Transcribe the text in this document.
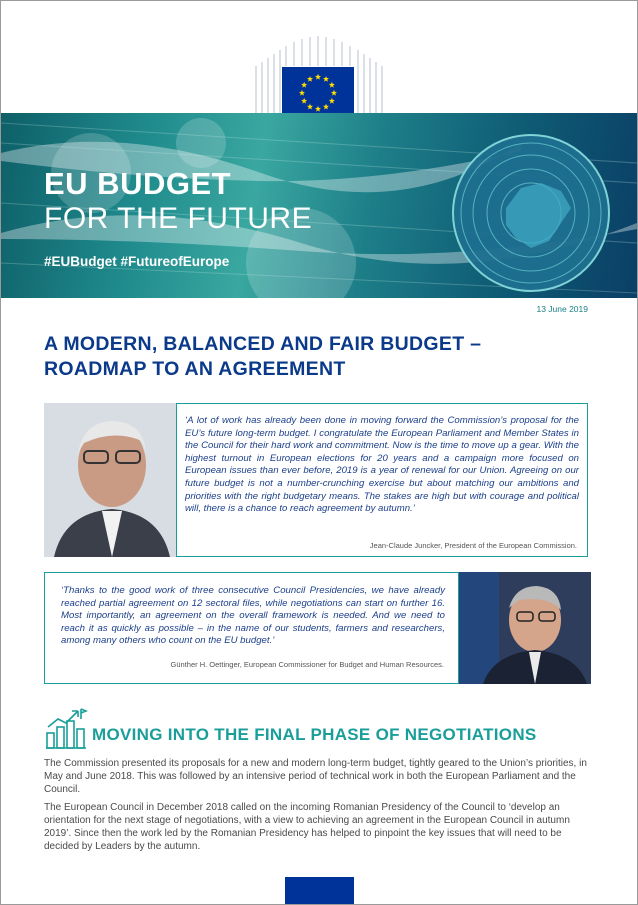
EU BUDGET
FOR THE FUTURE
#EUBudget #FutureofEurope
13 June 2019
A MODERN, BALANCED AND FAIR BUDGET –
ROADMAP TO AN AGREEMENT
‘A lot of work has already been done in moving forward the Commission’s proposal for the EU’s future long-term budget. I congratulate the European Parliament and Member States in the Council for their hard work and commitment. Now is the time to move up a gear. With the highest turnout in European elections for 20 years and a campaign more focused on European issues than ever before, 2019 is a year of renewal for our Union. Agreeing on our future budget is not a number-crunching exercise but about matching our ambitions and priorities with the right budgetary means. The stakes are high but with courage and political will, there is a chance to reach agreement by autumn.’
Jean-Claude Juncker, President of the European Commission.
‘Thanks to the good work of three consecutive Council Presidencies, we have already reached partial agreement on 12 sectoral files, while negotiations can start on further 16. Most importantly, an agreement on the overall framework is needed. And we need to reach it as quickly as possible – in the name of our students, farmers and researchers, among many others who count on the EU budget.’
Günther H. Oettinger, European Commissioner for Budget and Human Resources.
MOVING INTO THE FINAL PHASE OF NEGOTIATIONS
The Commission presented its proposals for a new and modern long-term budget, tightly geared to the Union’s priorities, in May and June 2018. This was followed by an intensive period of technical work in both the European Parliament and the Council.
The European Council in December 2018 called on the incoming Romanian Presidency of the Council to ‘develop an orientation for the next stage of negotiations, with a view to achieving an agreement in the European Council in autumn 2019’. Since then the work led by the Romanian Presidency has helped to pinpoint the key issues that will need to be decided by Leaders by the autumn.
